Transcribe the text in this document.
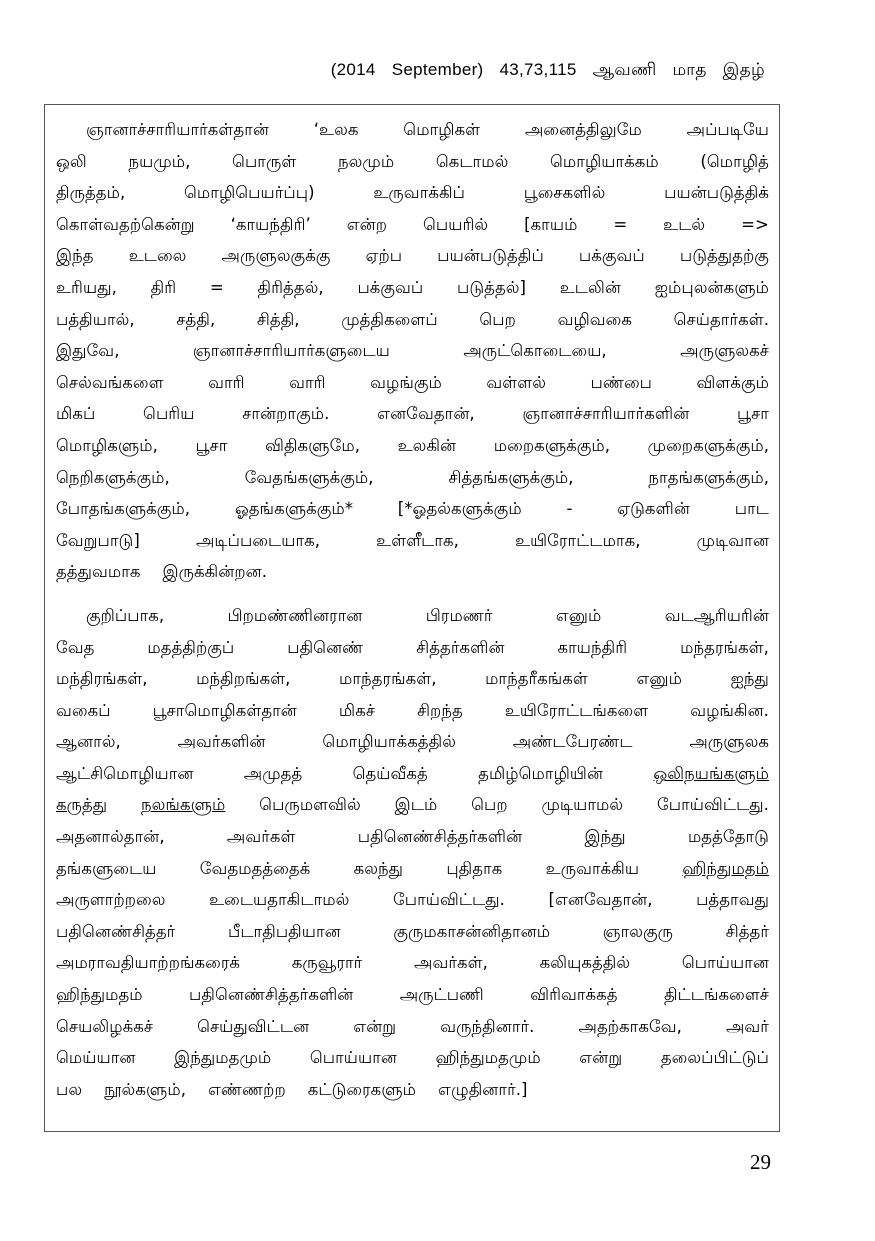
(2014 September) 43,73,115 ஆவணி மாத இதழ்
ஞானாச்சாரியார்கள்தான்	‘உலக	மொழிகள்	அனைத்திலுமே	அப்படியே
ஒலி	நயமும்,	பொருள்	நலமும்	கெடாமல்	மொழியாக்கம்	(மொழித்
திருத்தம்,	மொழிபெயர்ப்பு)	உருவாக்கிப்	பூசைகளில்	பயன்படுத்திக்
கொள்வதற்கென்று ‘காயந்திரி’ என்ற பெயரில் [காயம் = உடல் =>
இந்த உடலை அருளுலகுக்கு ஏற்ப பயன்படுத்திப் பக்குவப் படுத்துதற்கு
உரியது, திரி = திரித்தல், பக்குவப் படுத்தல்] உடலின் ஐம்புலன்களும்
பத்தியால்,	சத்தி,	சித்தி,	முத்திகளைப்	பெற	வழிவகை	செய்தார்கள்.
இதுவே,	ஞானாச்சாரியார்களுடைய	அருட்கொடையை,	அருளுலகச்
செல்வங்களை	வாரி	வாரி	வழங்கும்	வள்ளல்	பண்பை	விளக்கும்
மிகப்	பெரிய	சான்றாகும்.	எனவேதான்,	ஞானாச்சாரியார்களின்	பூசா
மொழிகளும், பூசா விதிகளுமே, உலகின் மறைகளுக்கும், முறைகளுக்கும்,
நெறிகளுக்கும்,	வேதங்களுக்கும்,	சித்தங்களுக்கும்,	நாதங்களுக்கும்,
போதங்களுக்கும்,	ஓதங்களுக்கும்*	[*ஓதல்களுக்கும்	-	ஏடுகளின்	பாட
வேறுபாடு]	அடிப்படையாக,	உள்ளீடாக,	உயிரோட்டமாக,	முடிவான
தத்துவமாக இருக்கின்றன.
குறிப்பாக,	பிறமண்ணினரான	பிரமணர்	எனும்	வடஆரியரின்
வேத	மதத்திற்குப்	பதினெண்	சித்தர்களின்	காயந்திரி	மந்தரங்கள்,
மந்திரங்கள்,	மந்திறங்கள்,	மாந்தரங்கள்,	மாந்தரீகங்கள்	எனும்	ஐந்து
வகைப்	பூசாமொழிகள்தான்	மிகச்	சிறந்த	உயிரோட்டங்களை	வழங்கின.
ஆனால்,	அவர்களின்	மொழியாக்கத்தில்	அண்டபேரண்ட	அருளுலக
ஆட்சிமொழியான	அமுதத்	தெய்வீகத்	தமிழ்மொழியின்	ஒலிநயங்களும்
கருத்து நலங்களும் பெருமளவில் இடம் பெற முடியாமல் போய்விட்டது.
அதனால்தான்,	அவர்கள்	பதினெண்சித்தர்களின்	இந்து	மதத்தோடு
தங்களுடைய	வேதமதத்தைக்	கலந்து	புதிதாக	உருவாக்கிய	ஹிந்துமதம்
அருளாற்றலை	உடையதாகிடாமல்	போய்விட்டது.	[எனவேதான்,	பத்தாவது
பதினெண்சித்தர்	பீடாதிபதியான	குருமகாசன்னிதானம்	ஞாலகுரு	சித்தர்
அமராவதியாற்றங்கரைக்	கருவூரார்	அவர்கள்,	கலியுகத்தில்	பொய்யான
ஹிந்துமதம்	பதினெண்சித்தர்களின்	அருட்பணி	விரிவாக்கத்	திட்டங்களைச்
செயலிழக்கச்	செய்துவிட்டன	என்று	வருந்தினார்.	அதற்காகவே,	அவர்
மெய்யான இந்துமதமும் பொய்யான ஹிந்துமதமும் என்று தலைப்பிட்டுப்
பல நூல்களும், எண்ணற்ற கட்டுரைகளும் எழுதினார்.]
29
